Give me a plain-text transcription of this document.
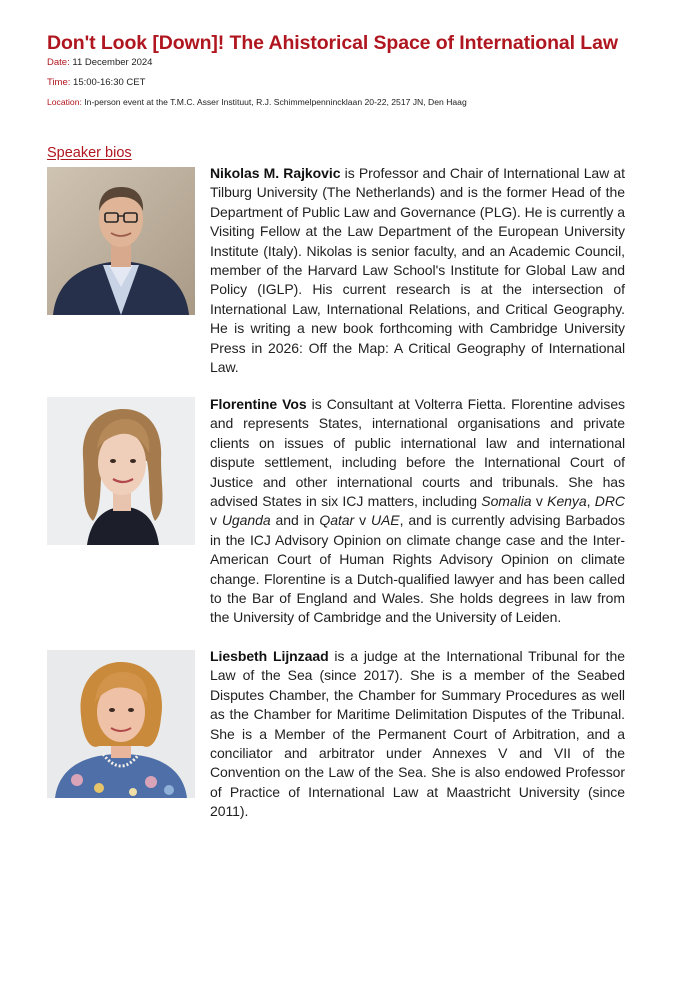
Don't Look [Down]! The Ahistorical Space of International Law
Date: 11 December 2024
Time: 15:00-16:30 CET
Location: In-person event at the T.M.C. Asser Instituut, R.J. Schimmelpennincklaan 20-22, 2517 JN, Den Haag
Speaker bios
Nikolas M. Rajkovic is Professor and Chair of International Law at Tilburg University (The Netherlands) and is the former Head of the Department of Public Law and Governance (PLG). He is currently a Visiting Fellow at the Law Department of the European University Institute (Italy). Nikolas is senior faculty, and an Academic Council, member of the Harvard Law School's Institute for Global Law and Policy (IGLP). His current research is at the intersection of International Law, International Relations, and Critical Geography. He is writing a new book forthcoming with Cambridge University Press in 2026: Off the Map: A Critical Geography of International Law.
Florentine Vos is Consultant at Volterra Fietta. Florentine advises and represents States, international organisations and private clients on issues of public international law and international dispute settlement, including before the International Court of Justice and other international courts and tribunals. She has advised States in six ICJ matters, including Somalia v Kenya, DRC v Uganda and in Qatar v UAE, and is currently advising Barbados in the ICJ Advisory Opinion on climate change case and the Inter-American Court of Human Rights Advisory Opinion on climate change. Florentine is a Dutch-qualified lawyer and has been called to the Bar of England and Wales. She holds degrees in law from the University of Cambridge and the University of Leiden.
Liesbeth Lijnzaad is a judge at the International Tribunal for the Law of the Sea (since 2017). She is a member of the Seabed Disputes Chamber, the Chamber for Summary Procedures as well as the Chamber for Maritime Delimitation Disputes of the Tribunal. She is a Member of the Permanent Court of Arbitration, and a conciliator and arbitrator under Annexes V and VII of the Convention on the Law of the Sea. She is also endowed Professor of Practice of International Law at Maastricht University (since 2011).
